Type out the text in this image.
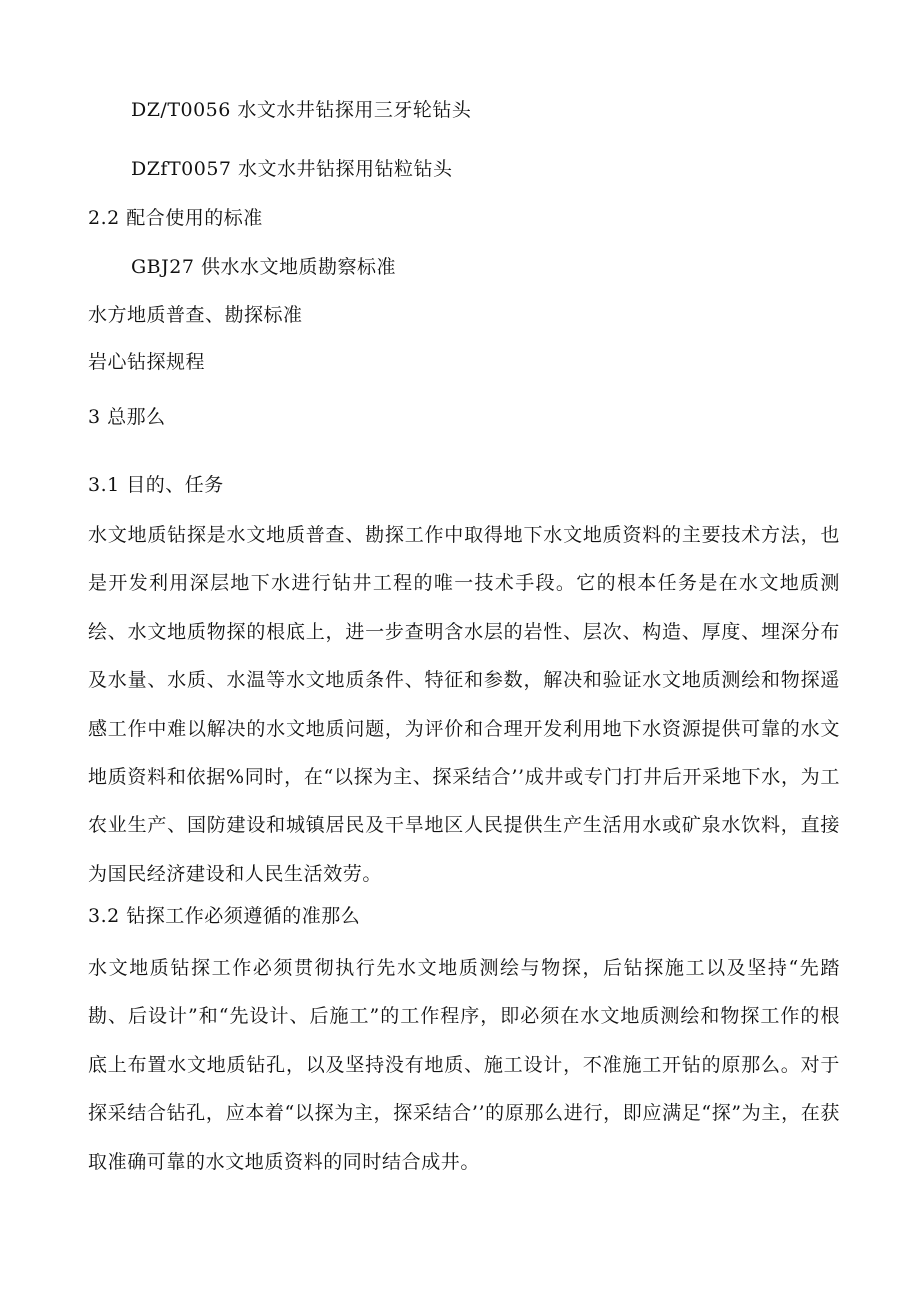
DZ/T0056 水文水井钻探用三牙轮钻头
DZfT0057 水文水井钻探用钻粒钻头
2.2 配合使用的标准
GBJ27 供水水文地质勘察标准
水方地质普查、勘探标准
岩心钻探规程
3 总那么
3.1 目的、任务
水文地质钻探是水文地质普查、勘探工作中取得地下水文地质资料的主要技术方法，也是开发利用深层地下水进行钻井工程的唯一技术手段。它的根本任务是在水文地质测绘、水文地质物探的根底上，进一步查明含水层的岩性、层次、构造、厚度、埋深分布及水量、水质、水温等水文地质条件、特征和参数，解决和验证水文地质测绘和物探遥感工作中难以解决的水文地质问题，为评价和合理开发利用地下水资源提供可靠的水文地质资料和依据%同时，在“以探为主、探采结合’’成井或专门打井后开采地下水，为工农业生产、国防建设和城镇居民及干旱地区人民提供生产生活用水或矿泉水饮料，直接为国民经济建设和人民生活效劳。
3.2 钻探工作必须遵循的准那么
水文地质钻探工作必须贯彻执行先水文地质测绘与物探，后钻探施工以及坚持“先踏勘、后设计”和“先设计、后施工”的工作程序，即必须在水文地质测绘和物探工作的根底上布置水文地质钻孔，以及坚持没有地质、施工设计，不准施工开钻的原那么。对于探采结合钻孔，应本着“以探为主，探采结合’’的原那么进行，即应满足“探”为主，在获取准确可靠的水文地质资料的同时结合成井。
